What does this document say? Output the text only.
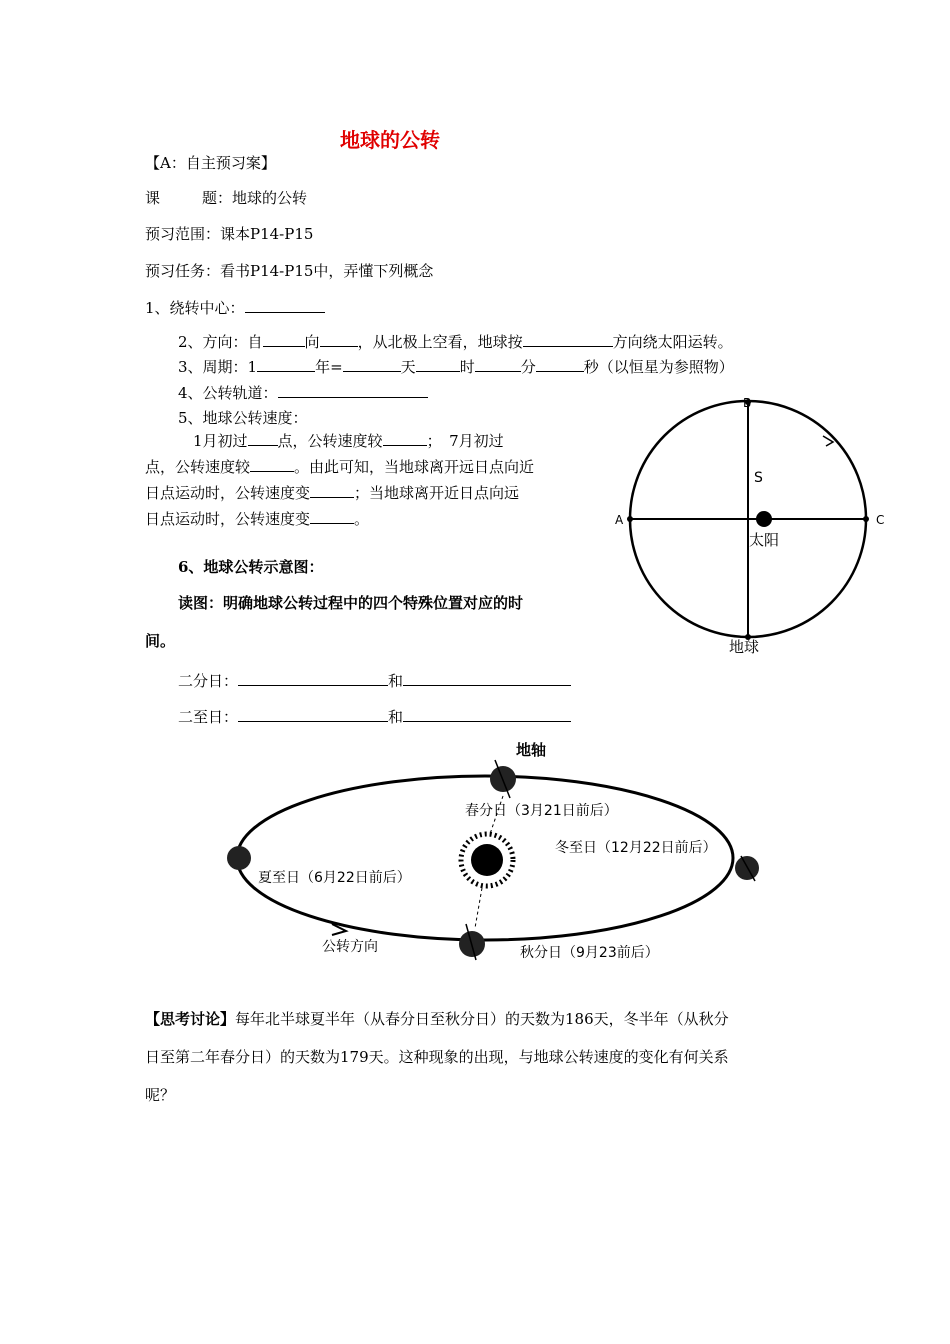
地球的公转
【A：自主预习案】
课	题：地球的公转
预习范围：课本P14-P15
预习任务：看书P14-P15中，弄懂下列概念
1、绕转中心：
2、方向：自	向	，从北极上空看，地球按	方向绕太阳运转。
3、周期：1	年=	天	时	分	秒（以恒星为参照物）
4、公转轨道：
5、地球公转速度：
1月初过 点，公转速度较	；　7月初过
点，公转速度较	。由此可知，当地球离开远日点向近
日点运动时，公转速度变	；当地球离开近日点向远
日点运动时，公转速度变	。
6、地球公转示意图：
读图：明确地球公转过程中的四个特殊位置对应的时
间。
二分日：	和
二至日：	和
B
A	C
S
太阳
地球
地轴
春分日（3月21日前后）
夏至日（6月22日前后）
冬至日（12月22日前后）
秋分日（9月23前后）
公转方向
【思考讨论】每年北半球夏半年（从春分日至秋分日）的天数为186天，冬半年（从秋分
日至第二年春分日）的天数为179天。这种现象的出现，与地球公转速度的变化有何关系
呢？
